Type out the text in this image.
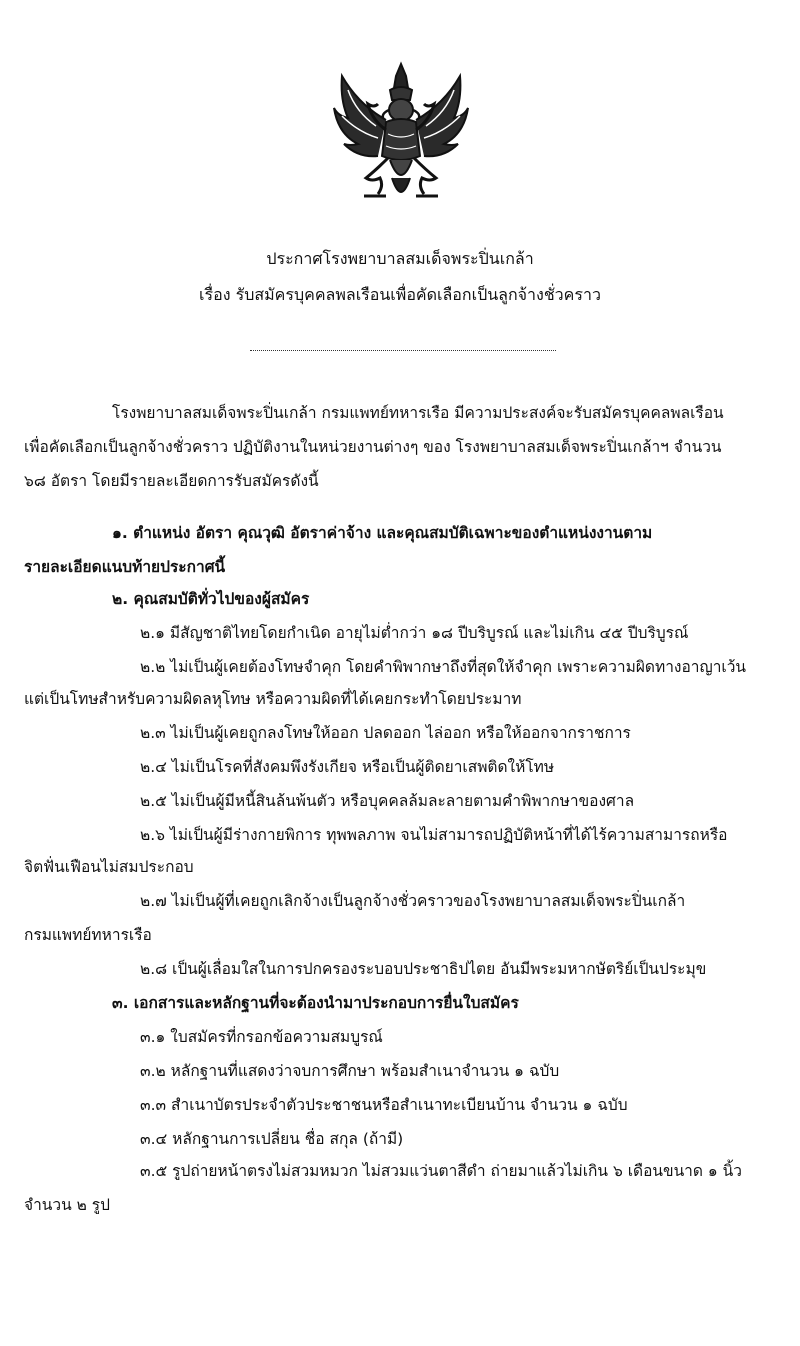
ประกาศโรงพยาบาลสมเด็จพระปิ่นเกล้า
เรื่อง รับสมัครบุคคลพลเรือนเพื่อคัดเลือกเป็นลูกจ้างชั่วคราว
โรงพยาบาลสมเด็จพระปิ่นเกล้า กรมแพทย์ทหารเรือ มีความประสงค์จะรับสมัครบุคคลพลเรือน
เพื่อคัดเลือกเป็นลูกจ้างชั่วคราว ปฏิบัติงานในหน่วยงานต่างๆ ของ โรงพยาบาลสมเด็จพระปิ่นเกล้าฯ จำนวน
๖๘ อัตรา โดยมีรายละเอียดการรับสมัครดังนี้
๑. ตำแหน่ง อัตรา คุณวุฒิ อัตราค่าจ้าง และคุณสมบัติเฉพาะของตำแหน่งงานตาม
รายละเอียดแนบท้ายประกาศนี้
๒. คุณสมบัติทั่วไปของผู้สมัคร
๒.๑ มีสัญชาติไทยโดยกำเนิด อายุไม่ต่ำกว่า ๑๘ ปีบริบูรณ์ และไม่เกิน ๔๕ ปีบริบูรณ์
๒.๒ ไม่เป็นผู้เคยต้องโทษจำคุก โดยคำพิพากษาถึงที่สุดให้จำคุก เพราะความผิดทางอาญาเว้น
แต่เป็นโทษสำหรับความผิดลหุโทษ หรือความผิดที่ได้เคยกระทำโดยประมาท
๒.๓ ไม่เป็นผู้เคยถูกลงโทษให้ออก ปลดออก ไล่ออก หรือให้ออกจากราชการ
๒.๔ ไม่เป็นโรคที่สังคมพึงรังเกียจ หรือเป็นผู้ติดยาเสพติดให้โทษ
๒.๕ ไม่เป็นผู้มีหนี้สินล้นพ้นตัว หรือบุคคลล้มละลายตามคำพิพากษาของศาล
๒.๖ ไม่เป็นผู้มีร่างกายพิการ ทุพพลภาพ จนไม่สามารถปฏิบัติหน้าที่ได้ไร้ความสามารถหรือ
จิตฟั่นเฟือนไม่สมประกอบ
๒.๗ ไม่เป็นผู้ที่เคยถูกเลิกจ้างเป็นลูกจ้างชั่วคราวของโรงพยาบาลสมเด็จพระปิ่นเกล้า
กรมแพทย์ทหารเรือ
๒.๘ เป็นผู้เลื่อมใสในการปกครองระบอบประชาธิปไตย อันมีพระมหากษัตริย์เป็นประมุข
๓. เอกสารและหลักฐานที่จะต้องนำมาประกอบการยื่นใบสมัคร
๓.๑ ใบสมัครที่กรอกข้อความสมบูรณ์
๓.๒ หลักฐานที่แสดงว่าจบการศึกษา พร้อมสำเนาจำนวน ๑ ฉบับ
๓.๓ สำเนาบัตรประจำตัวประชาชนหรือสำเนาทะเบียนบ้าน จำนวน ๑ ฉบับ
๓.๔ หลักฐานการเปลี่ยน ชื่อ สกุล (ถ้ามี)
๓.๕ รูปถ่ายหน้าตรงไม่สวมหมวก ไม่สวมแว่นตาสีดำ ถ่ายมาแล้วไม่เกิน ๖ เดือนขนาด ๑ นิ้ว
จำนวน ๒ รูป
